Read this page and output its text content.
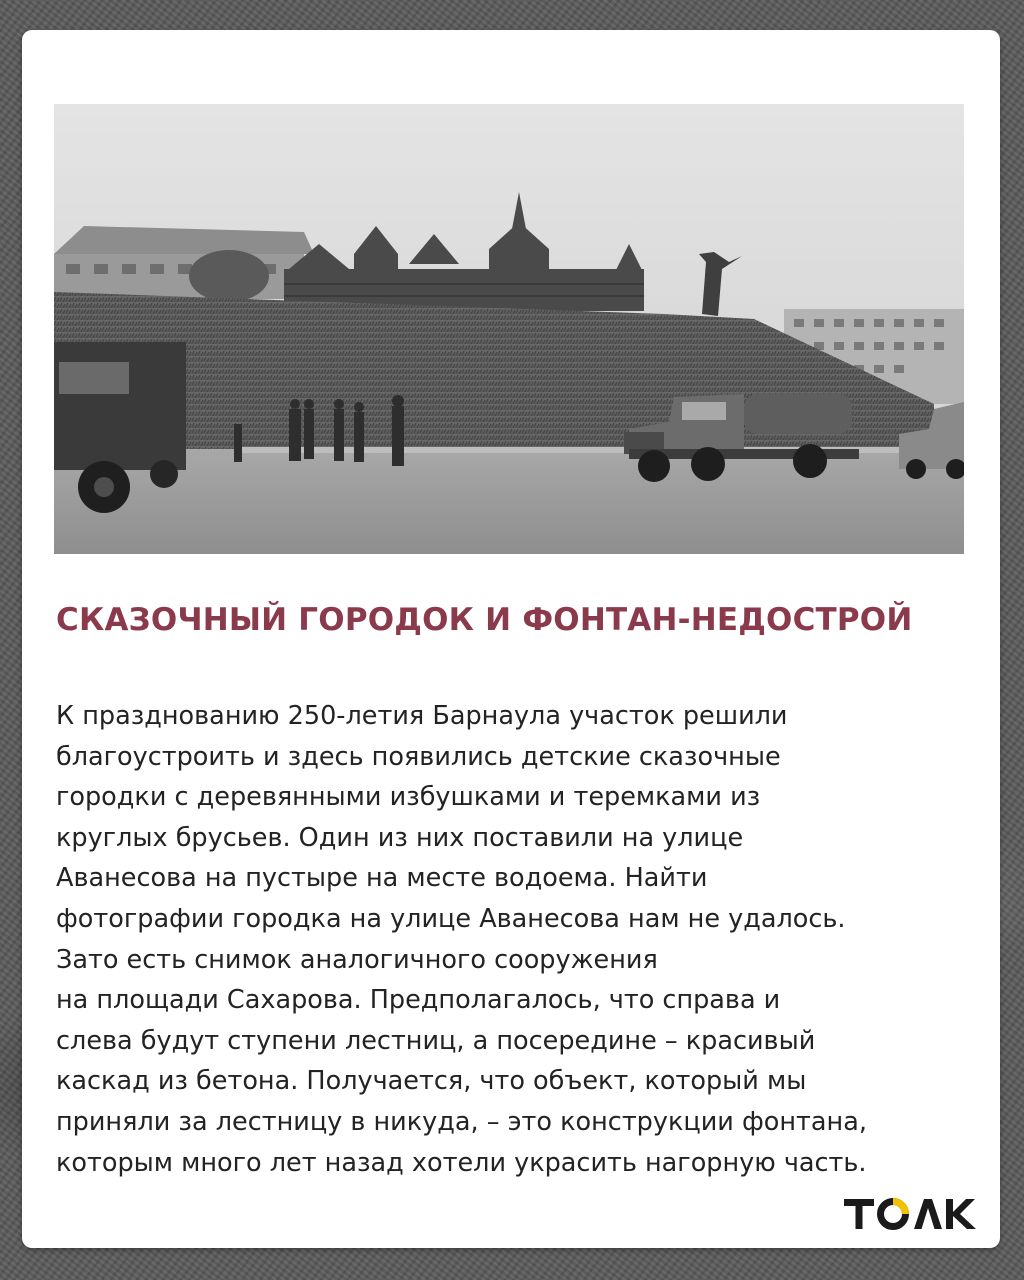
СКАЗОЧНЫЙ ГОРОДОК И ФОНТАН-НЕДОСТРОЙ

К празднованию 250-летия Барнаула участок решили
благоустроить и здесь появились детские сказочные
городки с деревянными избушками и теремками из
круглых брусьев. Один из них поставили на улице
Аванесова на пустыре на месте водоема. Найти
фотографии городка на улице Аванесова нам не удалось.
Зато есть снимок аналогичного сооружения
на площади Сахарова. Предполагалось, что справа и
слева будут ступени лестниц, а посередине – красивый
каскад из бетона. Получается, что объект, который мы
приняли за лестницу в никуда, – это конструкции фонтана,
которым много лет назад хотели украсить нагорную часть.
